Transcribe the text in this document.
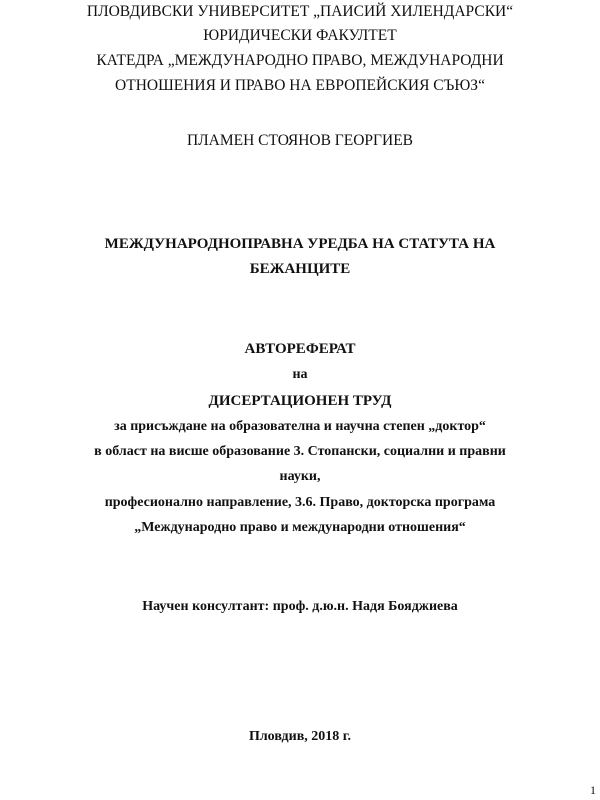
ПЛОВДИВСКИ УНИВЕРСИТЕТ „ПАИСИЙ ХИЛЕНДАРСКИ“
ЮРИДИЧЕСКИ ФАКУЛТЕТ
КАТЕДРА „МЕЖДУНАРОДНО ПРАВО, МЕЖДУНАРОДНИ
ОТНОШЕНИЯ И ПРАВО НА ЕВРОПЕЙСКИЯ СЪЮЗ“
ПЛАМЕН СТОЯНОВ ГЕОРГИЕВ
МЕЖДУНАРОДНОПРАВНА УРЕДБА НА СТАТУТА НА
БЕЖАНЦИТЕ
АВТОРЕФЕРАТ
на
ДИСЕРТАЦИОНЕН ТРУД
за присъждане на образователна и научна степен „доктор“
в област на висше образование 3. Стопански, социални и правни
науки,
професионално направление, 3.6. Право, докторска програма
„Международно право и международни отношения“
Научен консултант: проф. д.ю.н. Надя Бояджиева
Пловдив, 2018 г.
1
